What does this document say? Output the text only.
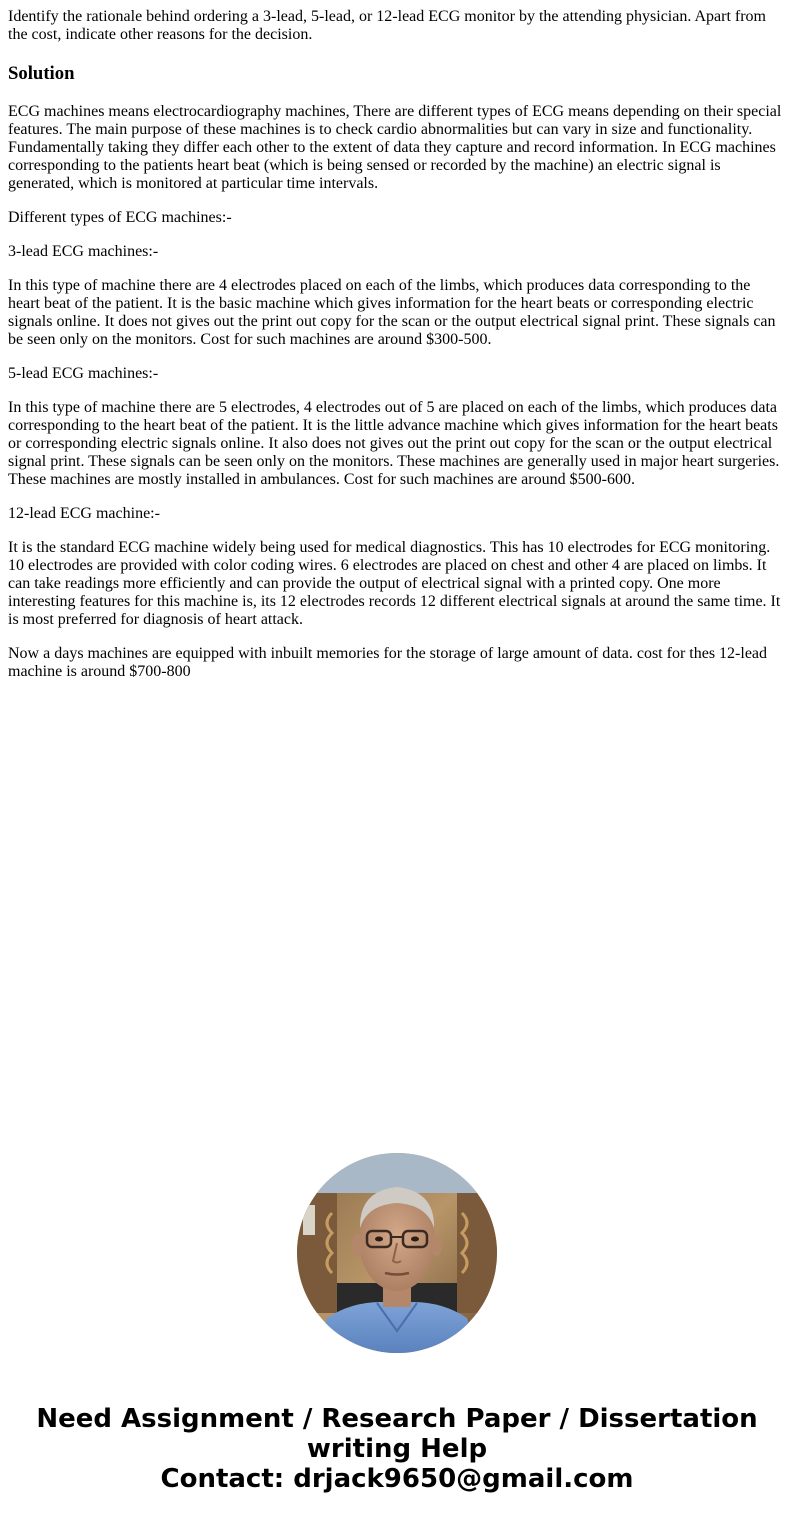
Identify the rationale behind ordering a 3-lead, 5-lead, or 12-lead ECG monitor by the attending physician. Apart from the cost, indicate other reasons for the decision.

Solution

ECG machines means electrocardiography machines, There are different types of ECG means depending on their special features. The main purpose of these machines is to check cardio abnormalities but can vary in size and functionality. Fundamentally taking they differ each other to the extent of data they capture and record information. In ECG machines corresponding to the patients heart beat (which is being sensed or recorded by the machine) an electric signal is generated, which is monitored at particular time intervals.

Different types of ECG machines:-

3-lead ECG machines:-

In this type of machine there are 4 electrodes placed on each of the limbs, which produces data corresponding to the heart beat of the patient. It is the basic machine which gives information for the heart beats or corresponding electric signals online. It does not gives out the print out copy for the scan or the output electrical signal print. These signals can be seen only on the monitors. Cost for such machines are around $300-500.

5-lead ECG machines:-

In this type of machine there are 5 electrodes, 4 electrodes out of 5 are placed on each of the limbs, which produces data corresponding to the heart beat of the patient. It is the little advance machine which gives information for the heart beats or corresponding electric signals online. It also does not gives out the print out copy for the scan or the output electrical signal print. These signals can be seen only on the monitors. These machines are generally used in major heart surgeries. These machines are mostly installed in ambulances. Cost for such machines are around $500-600.

12-lead ECG machine:-

It is the standard ECG machine widely being used for medical diagnostics. This has 10 electrodes for ECG monitoring. 10 electrodes are provided with color coding wires. 6 electrodes are placed on chest and other 4 are placed on limbs. It can take readings more efficiently and can provide the output of electrical signal with a printed copy. One more interesting features for this machine is, its 12 electrodes records 12 different electrical signals at around the same time. It is most preferred for diagnosis of heart attack.

Now a days machines are equipped with inbuilt memories for the storage of large amount of data. cost for thes 12-lead machine is around $700-800

Need Assignment / Research Paper / Dissertation
writing Help
Contact: drjack9650@gmail.com
